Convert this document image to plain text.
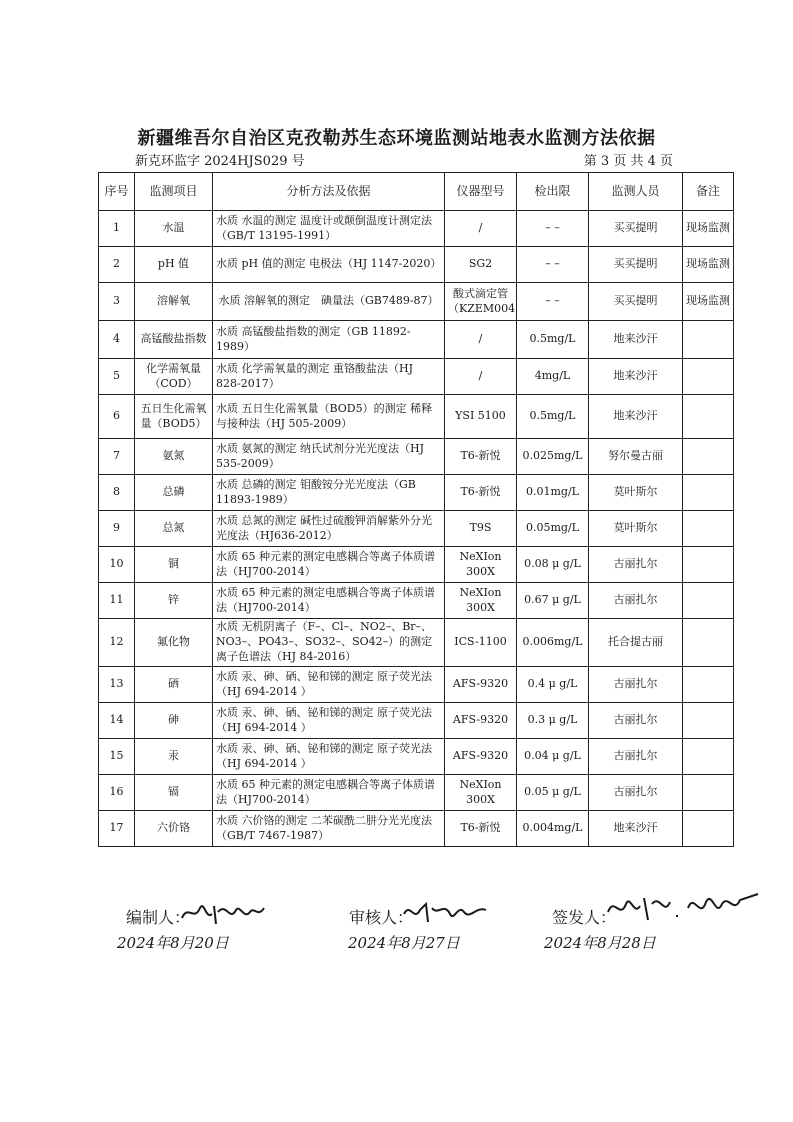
新疆维吾尔自治区克孜勒苏生态环境监测站地表水监测方法依据
新克环监字 2024HJS029 号	第 3 页 共 4 页
序号	监测项目	分析方法及依据	仪器型号	检出限	监测人员	备注
1	水温	水质 水温的测定 温度计或颠倒温度计测定法（GB/T 13195-1991）	/	– –	买买提明	现场监测
2	pH 值	水质 pH 值的测定 电极法（HJ 1147-2020）	SG2	– –	买买提明	现场监测
3	溶解氧	水质 溶解氧的测定　碘量法（GB7489-87）	酸式滴定管（KZEM004	– –	买买提明	现场监测
4	高锰酸盐指数	水质 高锰酸盐指数的测定（GB 11892-1989）	/	0.5mg/L	地来沙汗	
5	化学需氧量（COD）	水质 化学需氧量的测定 重铬酸盐法（HJ 828-2017）	/	4mg/L	地来沙汗	
6	五日生化需氧量（BOD5）	水质 五日生化需氧量（BOD5）的测定 稀释与接种法（HJ 505-2009）	YSI 5100	0.5mg/L	地来沙汗	
7	氨氮	水质 氨氮的测定 纳氏试剂分光光度法（HJ 535-2009）	T6-新悦	0.025mg/L	努尔曼古丽	
8	总磷	水质 总磷的测定 钼酸铵分光光度法（GB 11893-1989）	T6-新悦	0.01mg/L	莫叶斯尔	
9	总氮	水质 总氮的测定 碱性过硫酸钾消解紫外分光光度法（HJ636-2012）	T9S	0.05mg/L	莫叶斯尔	
10	铜	水质 65 种元素的测定电感耦合等离子体质谱法（HJ700-2014）	NeXIon 300X	0.08 μ g/L	古丽扎尔	
11	锌	水质 65 种元素的测定电感耦合等离子体质谱法（HJ700-2014）	NeXIon 300X	0.67 μ g/L	古丽扎尔	
12	氟化物	水质 无机阴离子（F–、Cl–、NO2–、Br–、NO3–、PO43–、SO32–、SO42–）的测定离子色谱法（HJ 84-2016）	ICS-1100	0.006mg/L	托合提古丽	
13	硒	水质 汞、砷、硒、铋和锑的测定 原子荧光法（HJ 694-2014 ）	AFS-9320	0.4 μ g/L	古丽扎尔	
14	砷	水质 汞、砷、硒、铋和锑的测定 原子荧光法（HJ 694-2014 ）	AFS-9320	0.3 μ g/L	古丽扎尔	
15	汞	水质 汞、砷、硒、铋和锑的测定 原子荧光法（HJ 694-2014 ）	AFS-9320	0.04 μ g/L	古丽扎尔	
16	镉	水质 65 种元素的测定电感耦合等离子体质谱法（HJ700-2014）	NeXIon 300X	0.05 μ g/L	古丽扎尔	
17	六价铬	水质 六价铬的测定 二苯碳酰二肼分光光度法（GB/T 7467-1987）	T6-新悦	0.004mg/L	地来沙汗	
编制人：
2024年8月20日
审核人：
2024年8月27日
签发人：
2024年8月28日
